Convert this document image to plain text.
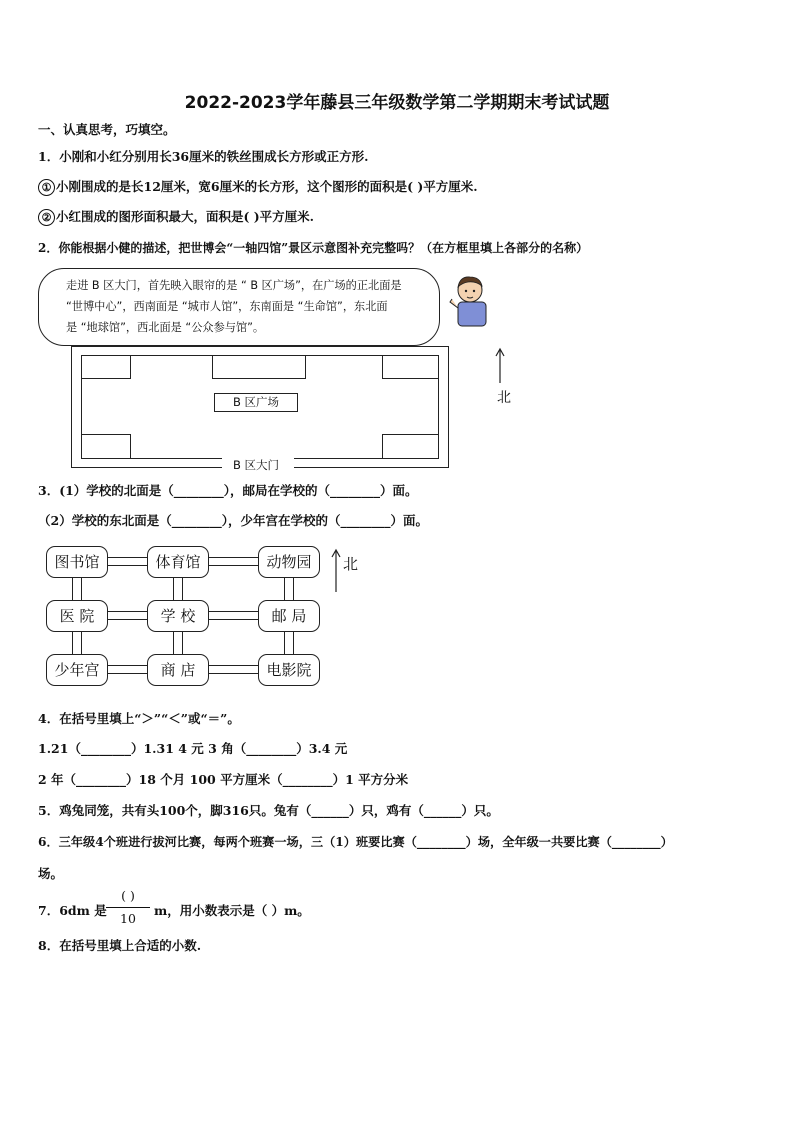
2022-2023学年藤县三年级数学第二学期期末考试试题
一、认真思考，巧填空。
1．小刚和小红分别用长36厘米的铁丝围成长方形或正方形.
① 小刚围成的是长12厘米，宽6厘米的长方形，这个图形的面积是( )平方厘米.
② 小红围成的图形面积最大，面积是( )平方厘米.
2．你能根据小健的描述，把世博会“一轴四馆”景区示意图补充完整吗？（在方框里填上各部分的名称）
走进 B 区大门，首先映入眼帘的是 “ B 区广场”，在广场的正北面是
“世博中心”，西南面是 “城市人馆”，东南面是 “生命馆”，东北面
是 “地球馆”，西北面是 “公众参与馆”。
B 区广场
B 区大门
北
3．(1）学校的北面是（________），邮局在学校的（________）面。
（2）学校的东北面是（________），少年宫在学校的（________）面。
图书馆	体育馆	动物园
医 院	学 校	邮 局
少年宫	商 店	电影院
北
4．在括号里填上“＞”“＜”或“＝”。
1.21（________）1.31 4 元 3 角（________）3.4 元
2 年（________）18 个月 100 平方厘米（________）1 平方分米
5．鸡兔同笼，共有头100个，脚316只。兔有（______）只，鸡有（______）只。
6．三年级4个班进行拔河比赛，每两个班赛一场，三（1）班要比赛（________）场，全年级一共要比赛（________）
场。
7．6dm 是
( )
10
m，用小数表示是（ ）m。
8．在括号里填上合适的小数.
